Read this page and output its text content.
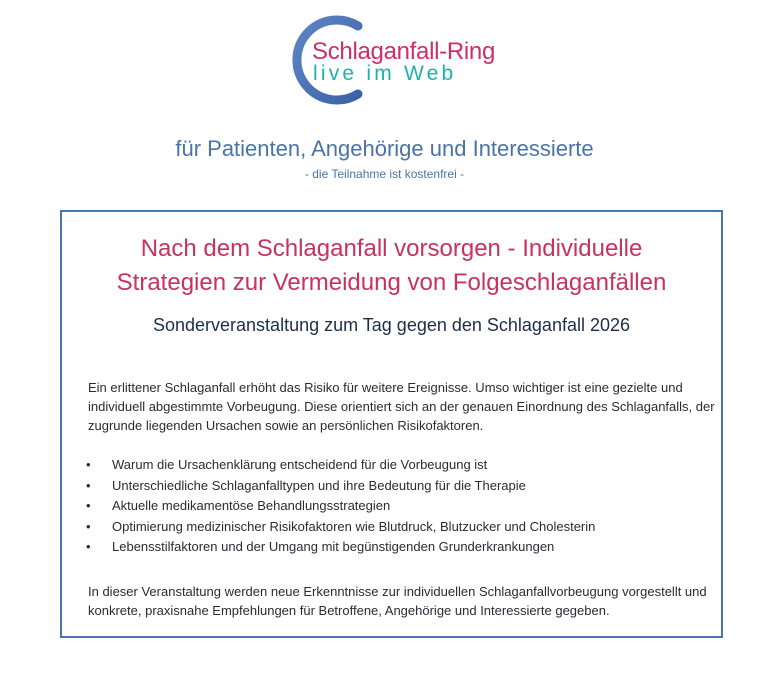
Schlaganfall-Ring
live im Web
für Patienten, Angehörige und Interessierte
- die Teilnahme ist kostenfrei -
Nach dem Schlaganfall vorsorgen - Individuelle
Strategien zur Vermeidung von Folgeschlaganfällen
Sonderveranstaltung zum Tag gegen den Schlaganfall 2026
Ein erlittener Schlaganfall erhöht das Risiko für weitere Ereignisse. Umso wichtiger ist eine gezielte und individuell abgestimmte Vorbeugung. Diese orientiert sich an der genauen Einordnung des Schlaganfalls, der zugrunde liegenden Ursachen sowie an persönlichen Risikofaktoren.
• Warum die Ursachenklärung entscheidend für die Vorbeugung ist
• Unterschiedliche Schlaganfalltypen und ihre Bedeutung für die Therapie
• Aktuelle medikamentöse Behandlungsstrategien
• Optimierung medizinischer Risikofaktoren wie Blutdruck, Blutzucker und Cholesterin
• Lebensstilfaktoren und der Umgang mit begünstigenden Grunderkrankungen
In dieser Veranstaltung werden neue Erkenntnisse zur individuellen Schlaganfallvorbeugung vorgestellt und konkrete, praxisnahe Empfehlungen für Betroffene, Angehörige und Interessierte gegeben.
